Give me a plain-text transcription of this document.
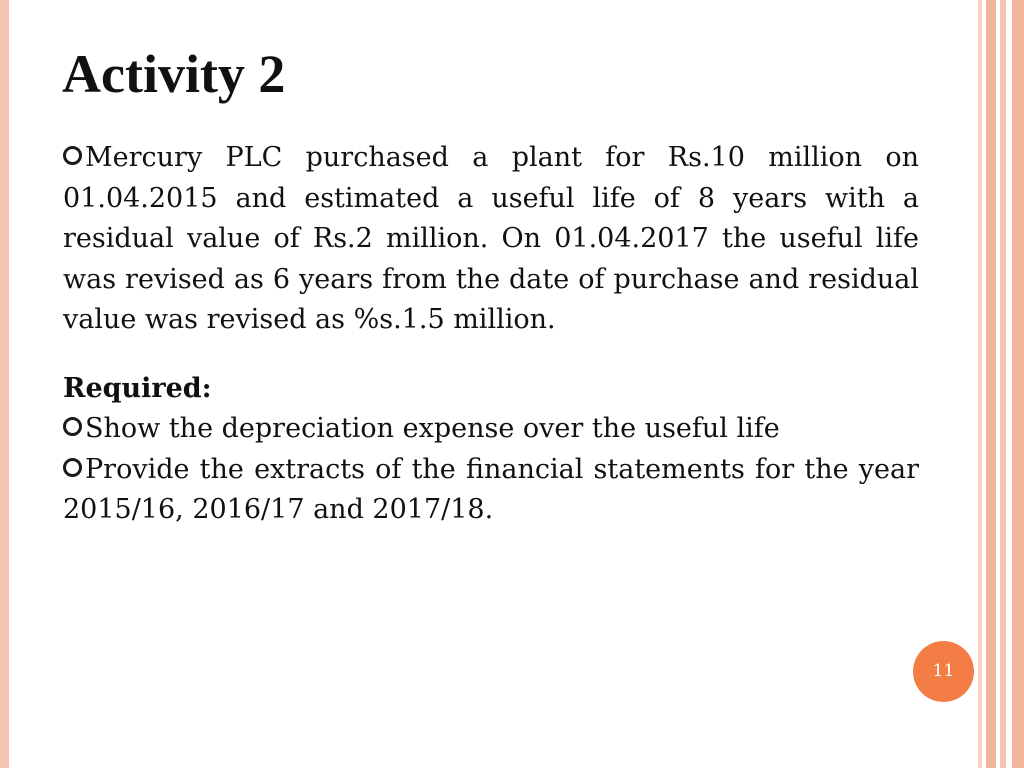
Activity 2

Mercury PLC purchased a plant for Rs.10 million on 01.04.2015 and estimated a useful life of 8 years with a residual value of Rs.2 million. On 01.04.2017 the useful life was revised as 6 years from the date of purchase and residual value was revised as %s.1.5 million.

Required:

Show the depreciation expense over the useful life

Provide the extracts of the financial statements for the year 2015/16, 2016/17 and 2017/18.

11
